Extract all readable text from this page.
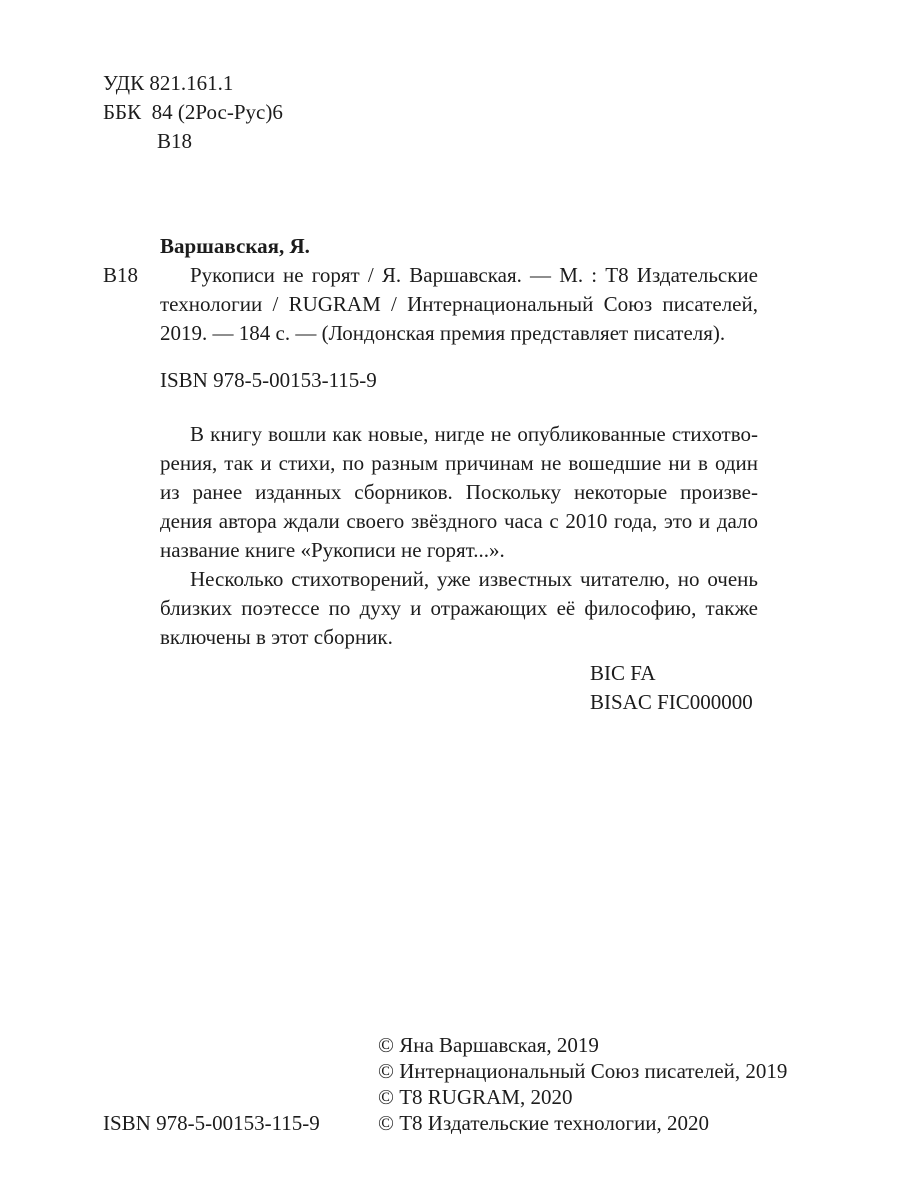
УДК 821.161.1
ББК  84 (2Рос-Рус)6
В18
Варшавская, Я.
В18 Рукописи не горят / Я. Варшавская. — М. : Т8 Издательские
технологии / RUGRAM / Интернациональный Союз писателей,
2019. — 184 с. — (Лондонская премия представляет писателя).
ISBN 978-5-00153-115-9
В книгу вошли как новые, нигде не опубликованные стихотво-
рения, так и стихи, по разным причинам не вошедшие ни в один
из ранее изданных сборников. Поскольку некоторые произве-
дения автора ждали своего звёздного часа с 2010 года, это и дало
название книге «Рукописи не горят...».
Несколько стихотворений, уже известных читателю, но очень
близких поэтессе по духу и отражающих её философию, также
включены в этот сборник.
BIC FA
BISAC FIC000000
© Яна Варшавская, 2019
© Интернациональный Союз писателей, 2019
© Т8 RUGRAM, 2020
© Т8 Издательские технологии, 2020
ISBN 978-5-00153-115-9
